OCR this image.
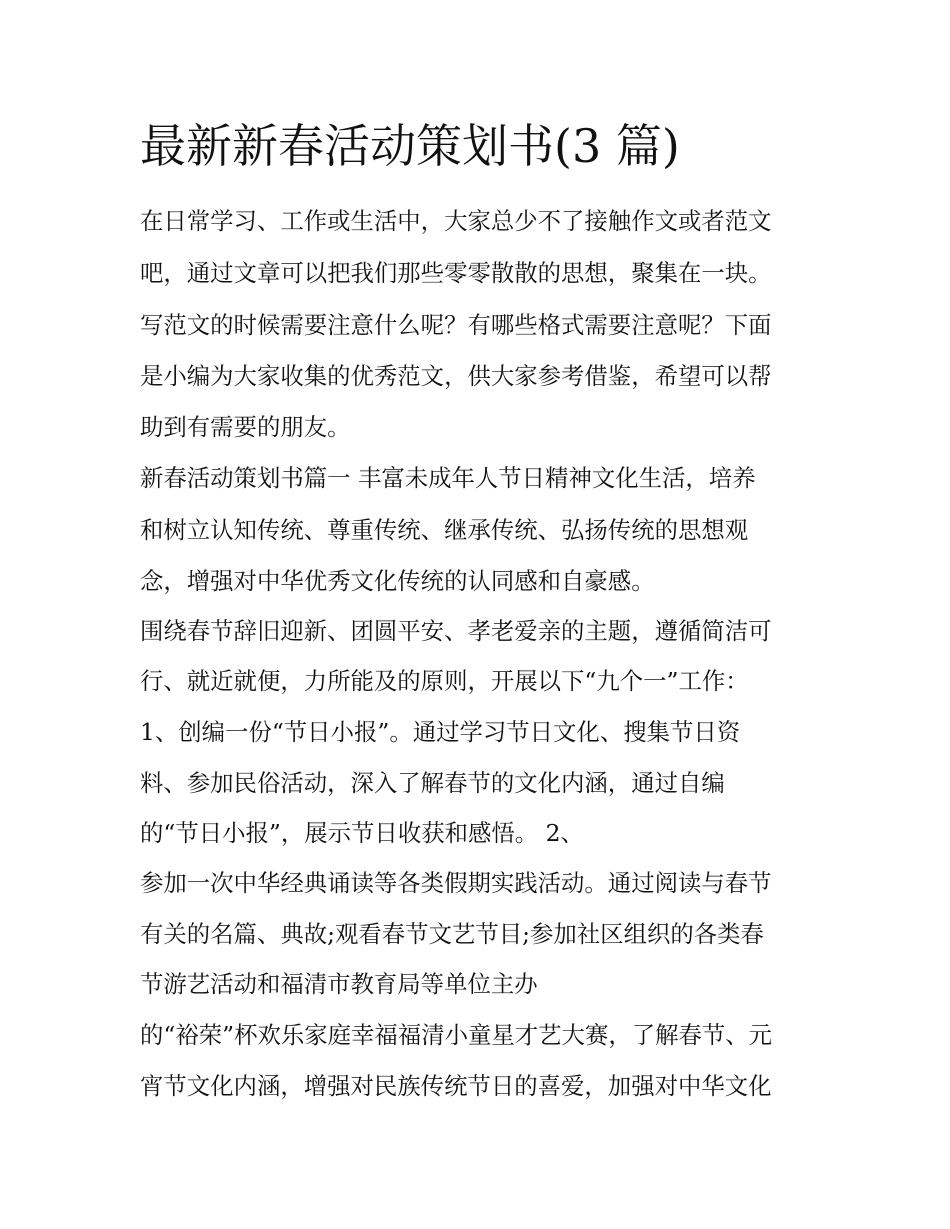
最新新春活动策划书(3 篇)

在日常学习、工作或生活中，大家总少不了接触作文或者范文

吧，通过文章可以把我们那些零零散散的思想，聚集在一块。

写范文的时候需要注意什么呢？有哪些格式需要注意呢？下面

是小编为大家收集的优秀范文，供大家参考借鉴，希望可以帮

助到有需要的朋友。

新春活动策划书篇一 丰富未成年人节日精神文化生活，培养

和树立认知传统、尊重传统、继承传统、弘扬传统的思想观

念，增强对中华优秀文化传统的认同感和自豪感。

围绕春节辞旧迎新、团圆平安、孝老爱亲的主题，遵循简洁可

行、就近就便，力所能及的原则，开展以下“九个一”工作：

1、创编一份“节日小报”。通过学习节日文化、搜集节日资

料、参加民俗活动，深入了解春节的文化内涵，通过自编

的“节日小报”，展示节日收获和感悟。 2、

参加一次中华经典诵读等各类假期实践活动。通过阅读与春节

有关的名篇、典故;观看春节文艺节目;参加社区组织的各类春

节游艺活动和福清市教育局等单位主办

的“裕荣”杯欢乐家庭幸福福清小童星才艺大赛，了解春节、元

宵节文化内涵，增强对民族传统节日的喜爱，加强对中华文化
